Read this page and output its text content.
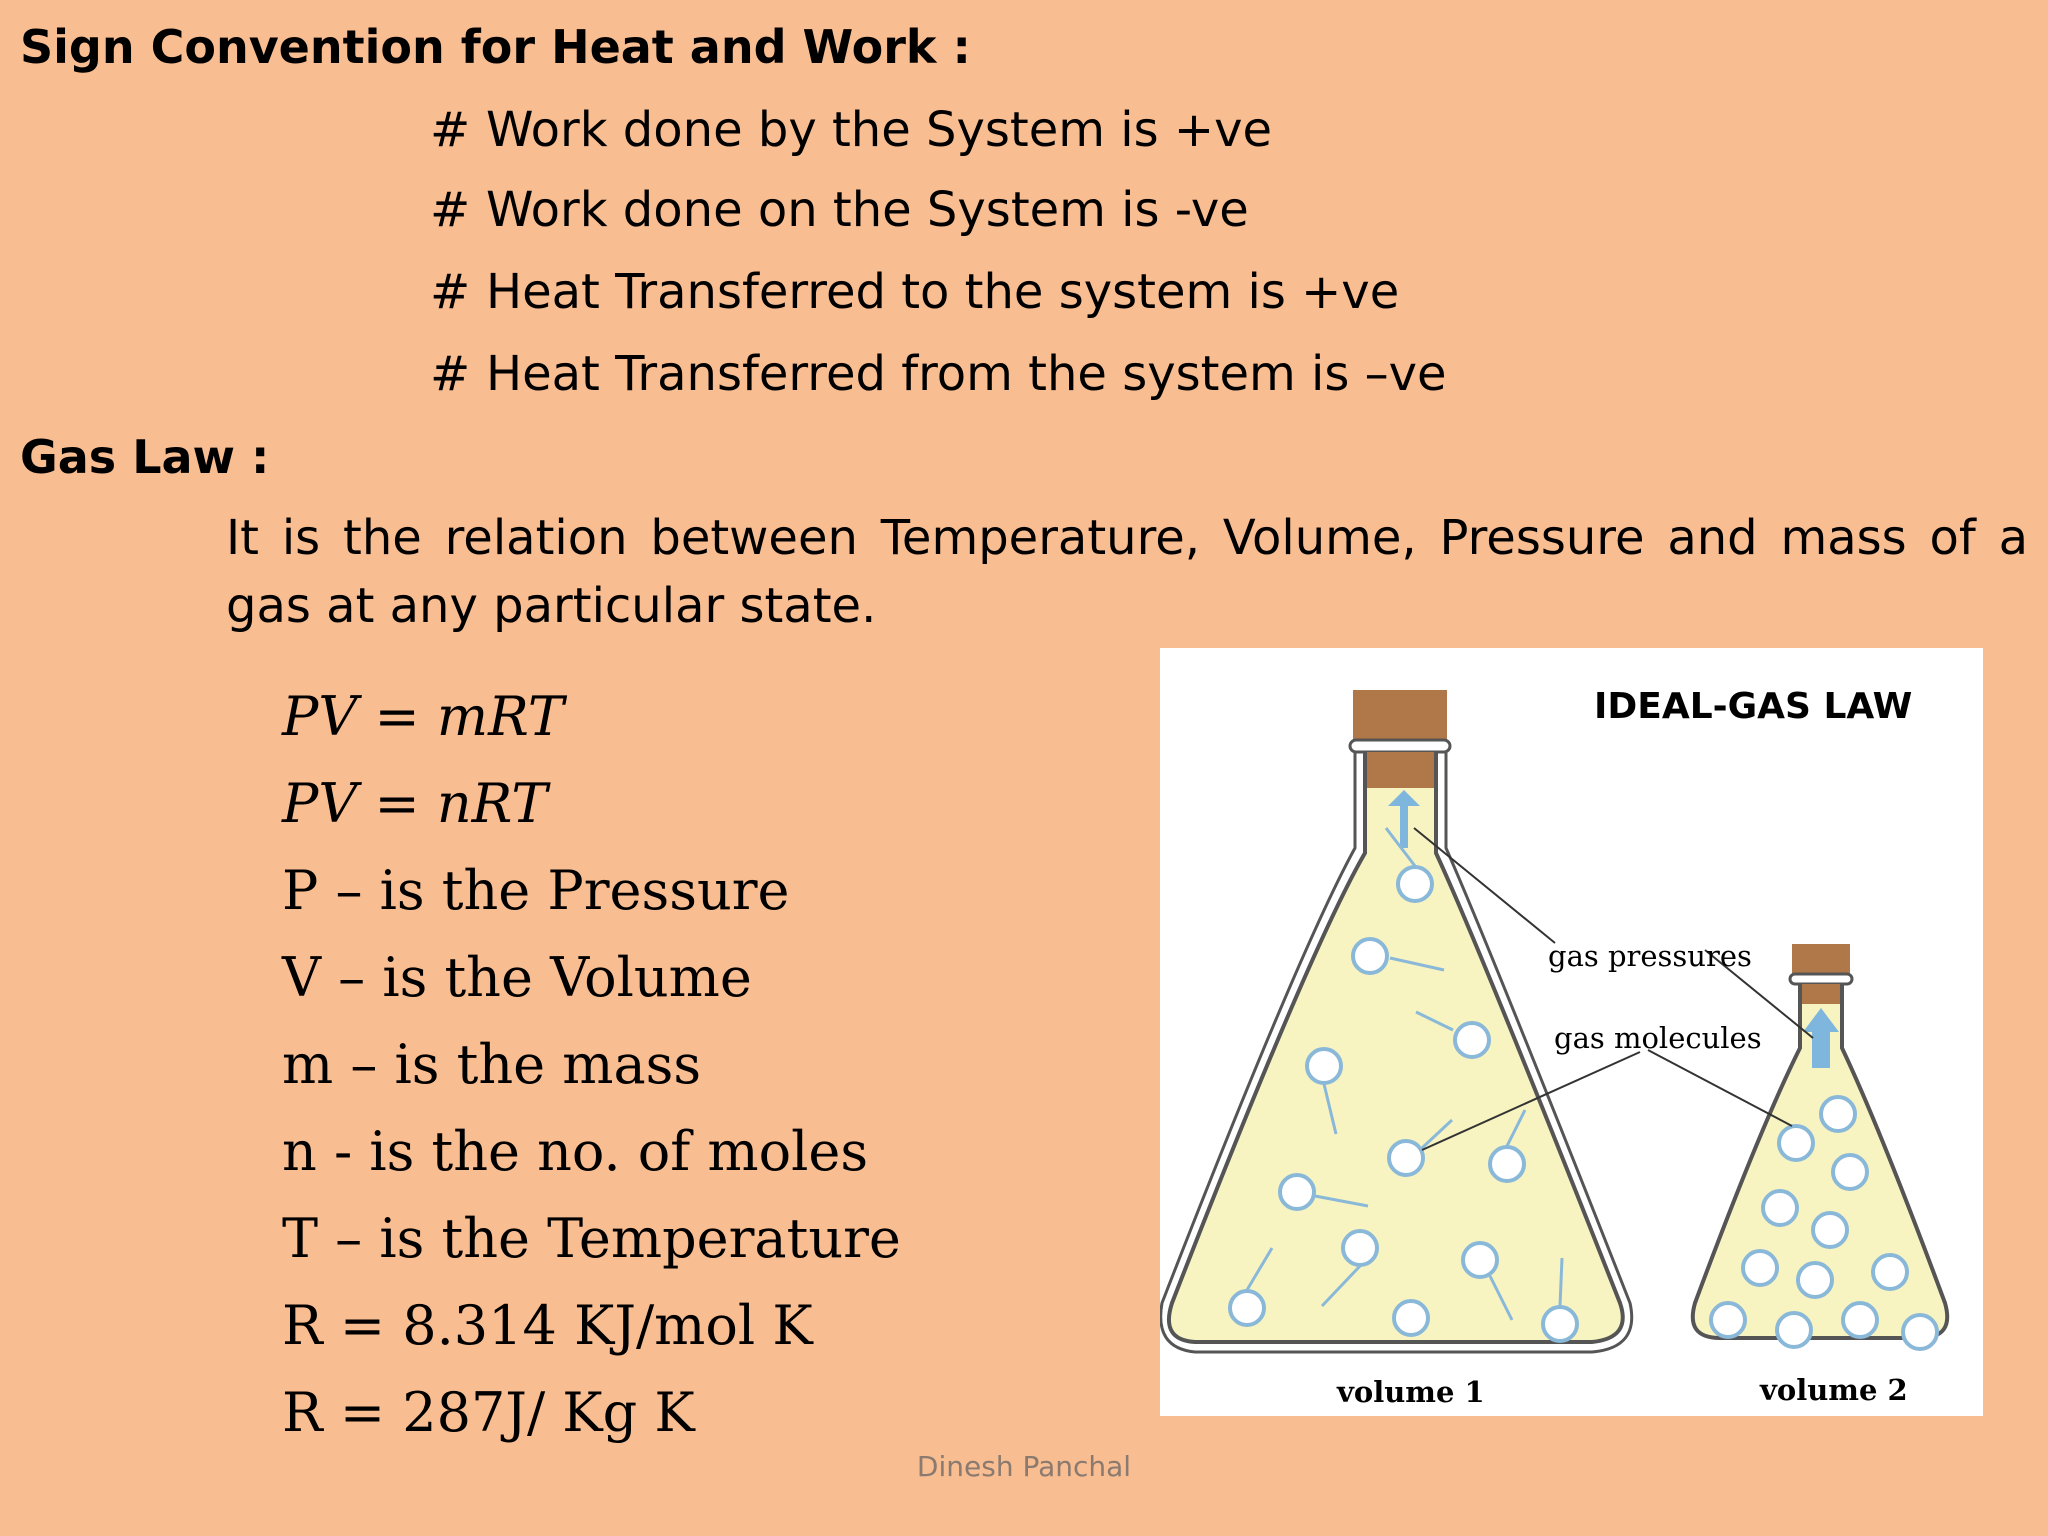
Sign Convention for Heat and Work :
# Work done by the System is +ve
# Work done on the System is -ve
# Heat Transferred to the system is +ve
# Heat Transferred from the system is –ve
Gas Law :
It is the relation between Temperature, Volume, Pressure and mass of a gas at any particular state.
PV = mRT
PV = nRT
P – is the Pressure
V – is the Volume
m – is the mass
n - is the no. of moles
T – is the Temperature
R = 8.314 KJ/mol K
R = 287J/ Kg K
IDEAL-GAS LAW
gas pressures
gas molecules
volume 1	volume 2
Dinesh Panchal
